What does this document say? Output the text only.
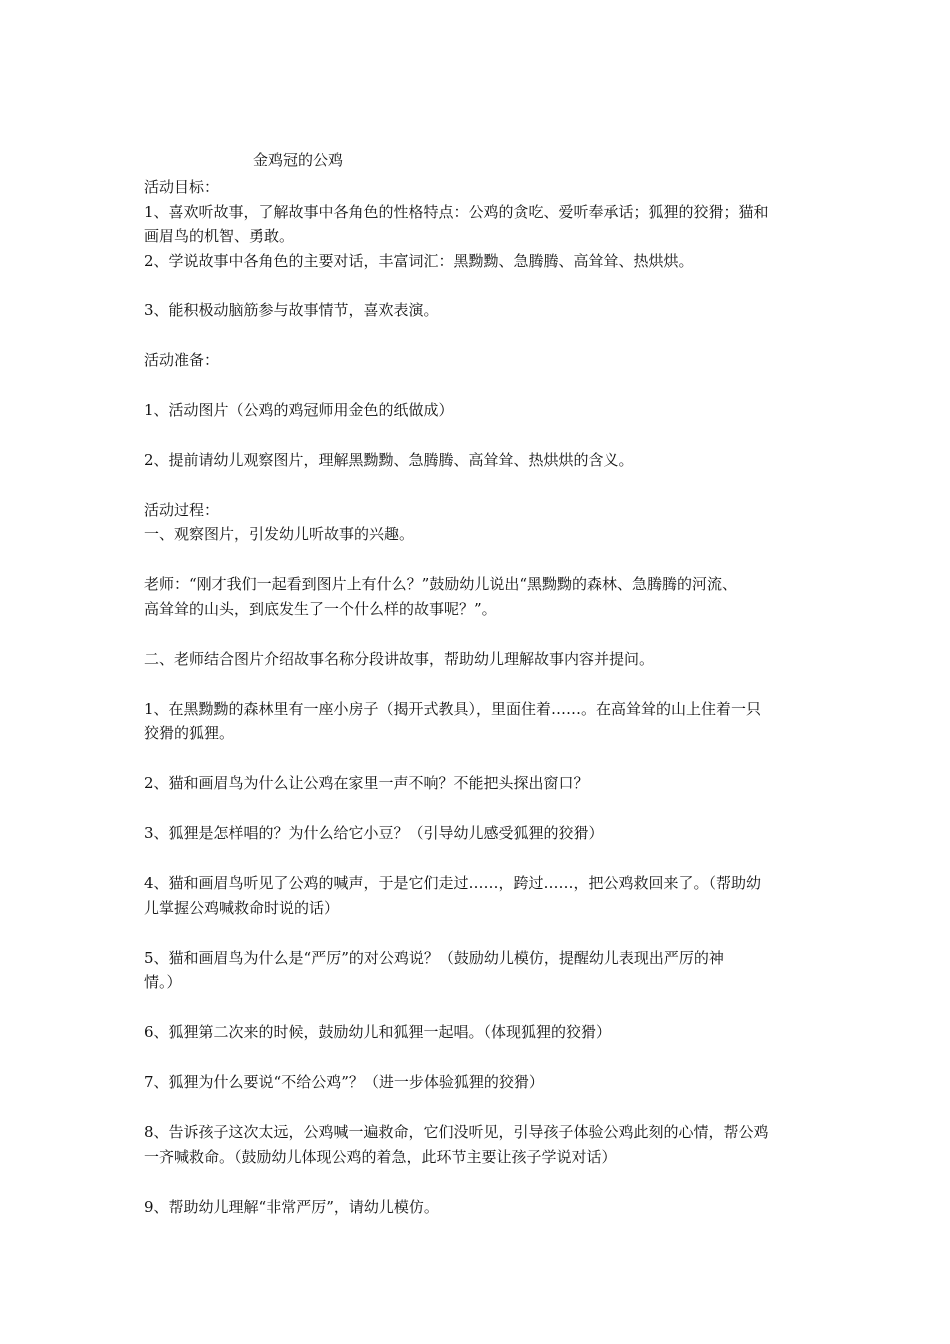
金鸡冠的公鸡
活动目标：
1、喜欢听故事，了解故事中各角色的性格特点：公鸡的贪吃、爱听奉承话；狐狸的狡猾；猫和
画眉鸟的机智、勇敢。
2、学说故事中各角色的主要对话，丰富词汇：黑黝黝、急腾腾、高耸耸、热烘烘。
3、能积极动脑筋参与故事情节，喜欢表演。
活动准备：
1、活动图片（公鸡的鸡冠师用金色的纸做成）
2、提前请幼儿观察图片，理解黑黝黝、急腾腾、高耸耸、热烘烘的含义。
活动过程：
一、观察图片，引发幼儿听故事的兴趣。
老师：“刚才我们一起看到图片上有什么？”鼓励幼儿说出“黑黝黝的森林、急腾腾的河流、
高耸耸的山头，到底发生了一个什么样的故事呢？”。
二、老师结合图片介绍故事名称分段讲故事，帮助幼儿理解故事内容并提问。
1、在黑黝黝的森林里有一座小房子（揭开式教具），里面住着……。在高耸耸的山上住着一只
狡猾的狐狸。
2、猫和画眉鸟为什么让公鸡在家里一声不响？不能把头探出窗口？
3、狐狸是怎样唱的？为什么给它小豆？（引导幼儿感受狐狸的狡猾）
4、猫和画眉鸟听见了公鸡的喊声，于是它们走过……，跨过……，把公鸡救回来了。（帮助幼
儿掌握公鸡喊救命时说的话）
5、猫和画眉鸟为什么是“严厉”的对公鸡说？（鼓励幼儿模仿，提醒幼儿表现出严厉的神
情。）
6、狐狸第二次来的时候，鼓励幼儿和狐狸一起唱。（体现狐狸的狡猾）
7、狐狸为什么要说“不给公鸡”？（进一步体验狐狸的狡猾）
8、告诉孩子这次太远，公鸡喊一遍救命，它们没听见，引导孩子体验公鸡此刻的心情，帮公鸡
一齐喊救命。（鼓励幼儿体现公鸡的着急，此环节主要让孩子学说对话）
9、帮助幼儿理解“非常严厉”，请幼儿模仿。
